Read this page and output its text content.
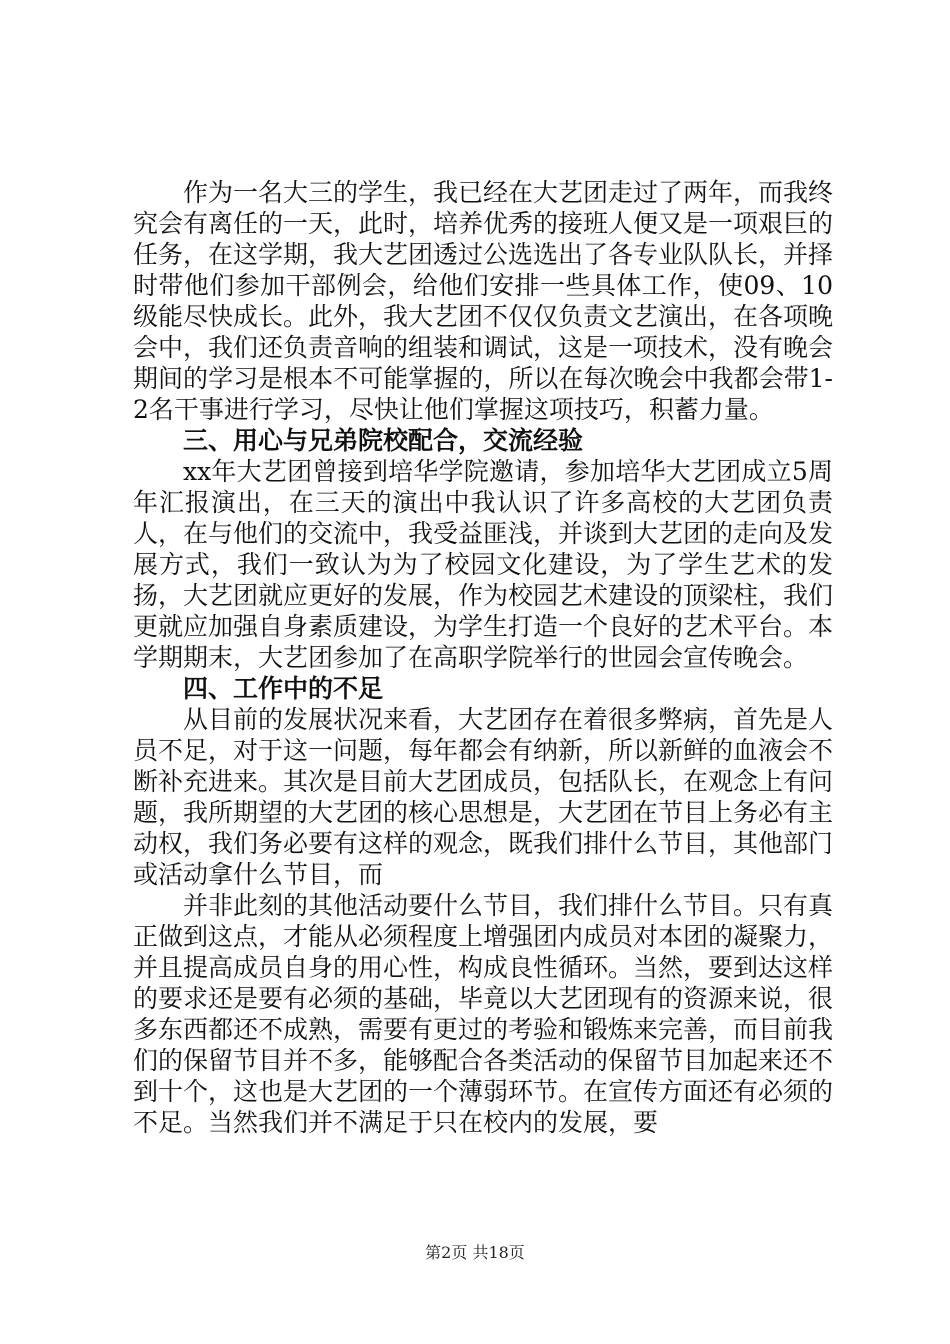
作为一名大三的学生，我已经在大艺团走过了两年，而我终究会有离任的一天，此时，培养优秀的接班人便又是一项艰巨的任务，在这学期，我大艺团透过公选选出了各专业队队长，并择时带他们参加干部例会，给他们安排一些具体工作，使09、10级能尽快成长。此外，我大艺团不仅仅负责文艺演出，在各项晚会中，我们还负责音响的组装和调试，这是一项技术，没有晚会期间的学习是根本不可能掌握的，所以在每次晚会中我都会带1-2名干事进行学习，尽快让他们掌握这项技巧，积蓄力量。

三、用心与兄弟院校配合，交流经验

xx年大艺团曾接到培华学院邀请，参加培华大艺团成立5周年汇报演出，在三天的演出中我认识了许多高校的大艺团负责人，在与他们的交流中，我受益匪浅，并谈到大艺团的走向及发展方式，我们一致认为为了校园文化建设，为了学生艺术的发扬，大艺团就应更好的发展，作为校园艺术建设的顶梁柱，我们更就应加强自身素质建设，为学生打造一个良好的艺术平台。本学期期末，大艺团参加了在高职学院举行的世园会宣传晚会。

四、工作中的不足

从目前的发展状况来看，大艺团存在着很多弊病，首先是人员不足，对于这一问题，每年都会有纳新，所以新鲜的血液会不断补充进来。其次是目前大艺团成员，包括队长，在观念上有问题，我所期望的大艺团的核心思想是，大艺团在节目上务必有主动权，我们务必要有这样的观念，既我们排什么节目，其他部门或活动拿什么节目，而

并非此刻的其他活动要什么节目，我们排什么节目。只有真正做到这点，才能从必须程度上增强团内成员对本团的凝聚力，并且提高成员自身的用心性，构成良性循环。当然，要到达这样的要求还是要有必须的基础，毕竟以大艺团现有的资源来说，很多东西都还不成熟，需要有更过的考验和锻炼来完善，而目前我们的保留节目并不多，能够配合各类活动的保留节目加起来还不到十个，这也是大艺团的一个薄弱环节。在宣传方面还有必须的不足。当然我们并不满足于只在校内的发展，要

第2页 共18页
